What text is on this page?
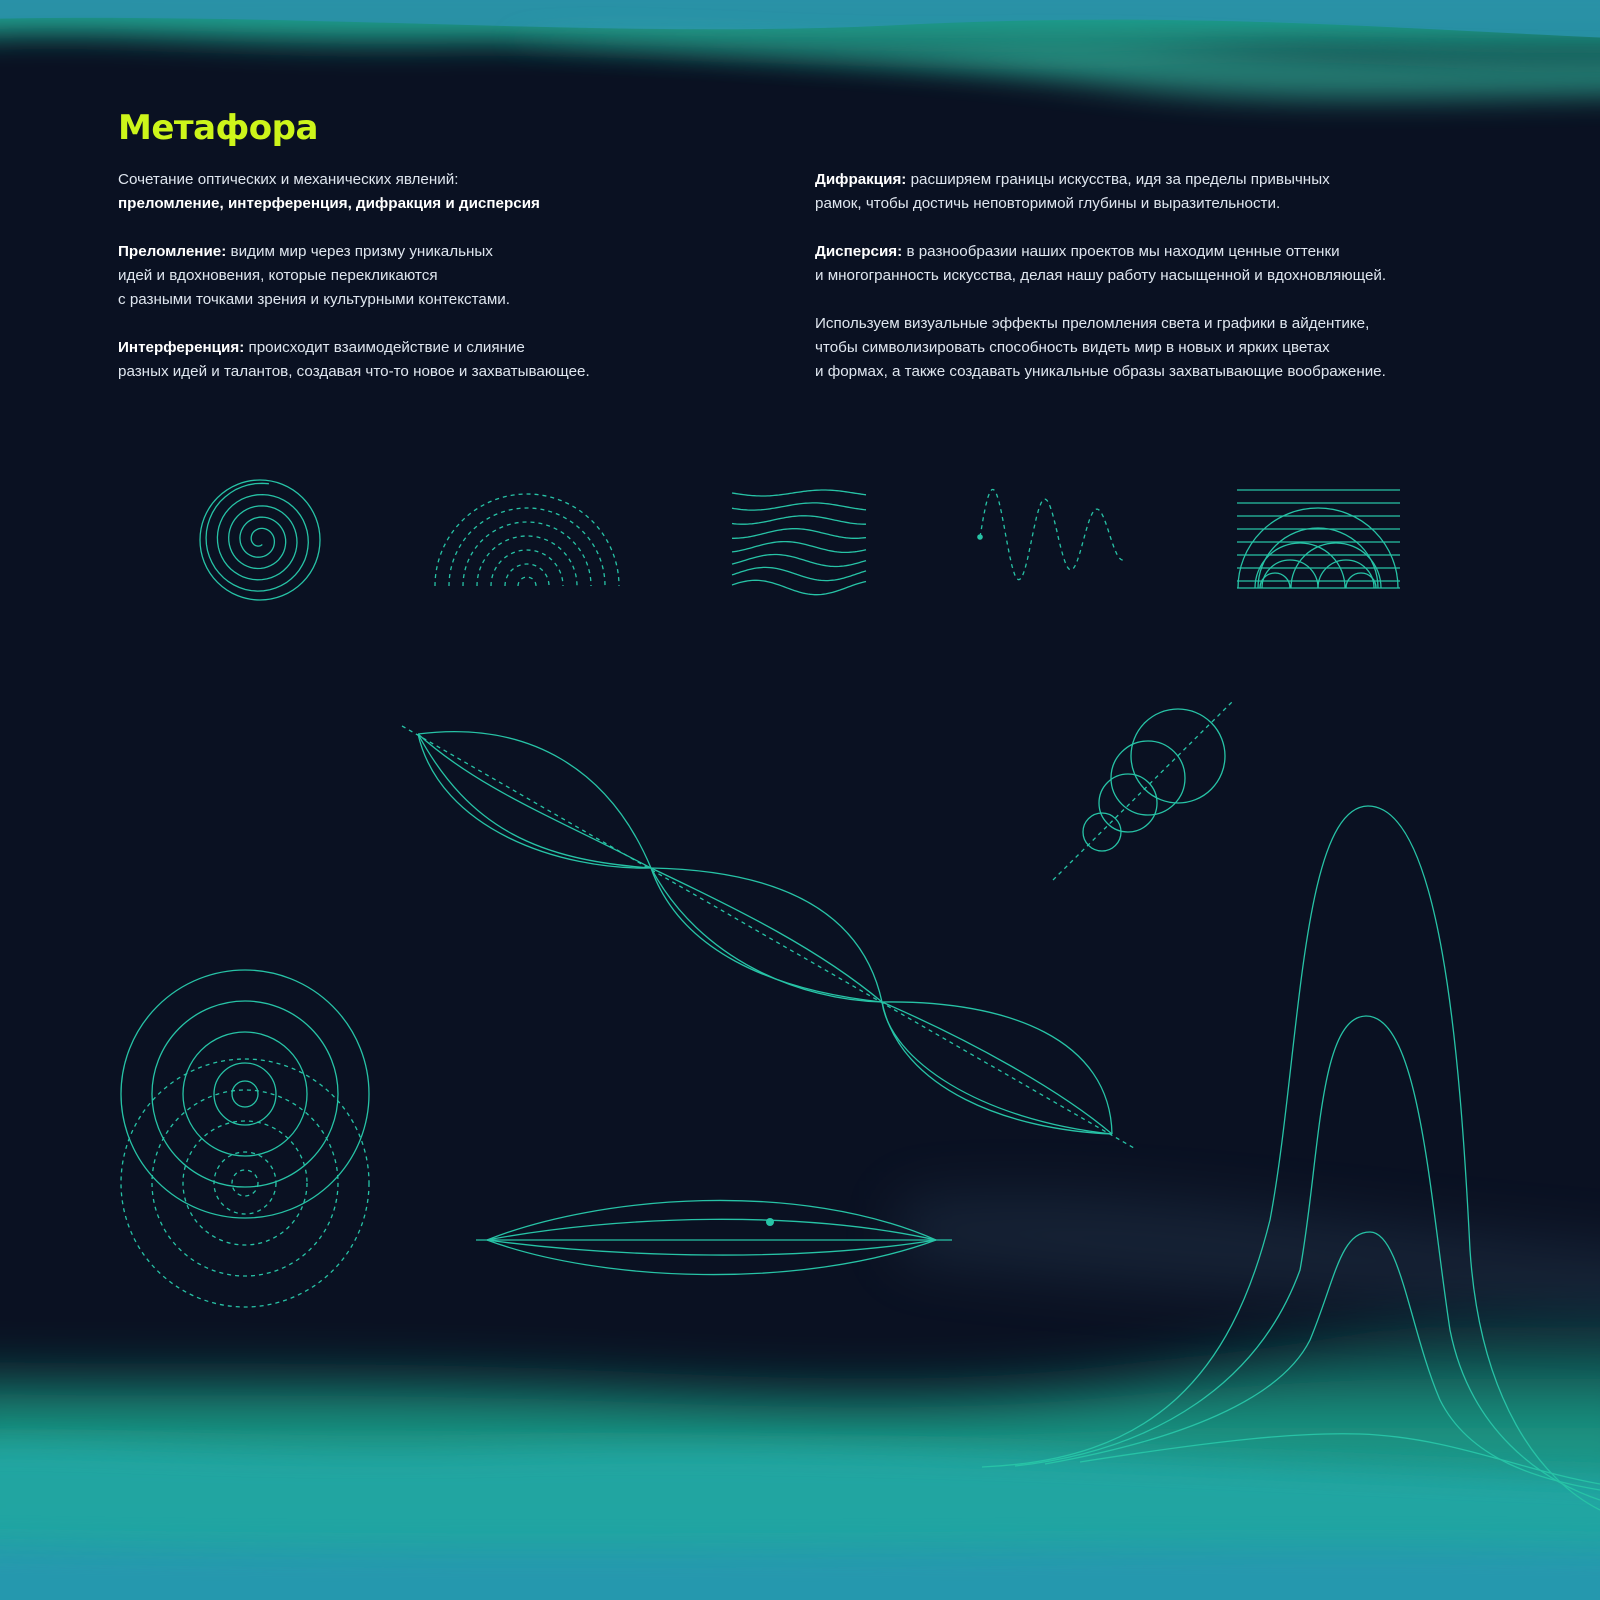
Метафора

Сочетание оптических и механических явлений:
преломление, интерференция, дифракция и дисперсия

Преломление: видим мир через призму уникальных
идей и вдохновения, которые перекликаются
с разными точками зрения и культурными контекстами.

Интерференция: происходит взаимодействие и слияние
разных идей и талантов, создавая что-то новое и захватывающее.

Дифракция: расширяем границы искусства, идя за пределы привычных
рамок, чтобы достичь неповторимой глубины и выразительности.

Дисперсия: в разнообразии наших проектов мы находим ценные оттенки
и многогранность искусства, делая нашу работу насыщенной и вдохновляющей.

Используем визуальные эффекты преломления света и графики в айдентике,
чтобы символизировать способность видеть мир в новых и ярких цветах
и формах, а также создавать уникальные образы захватывающие воображение.
